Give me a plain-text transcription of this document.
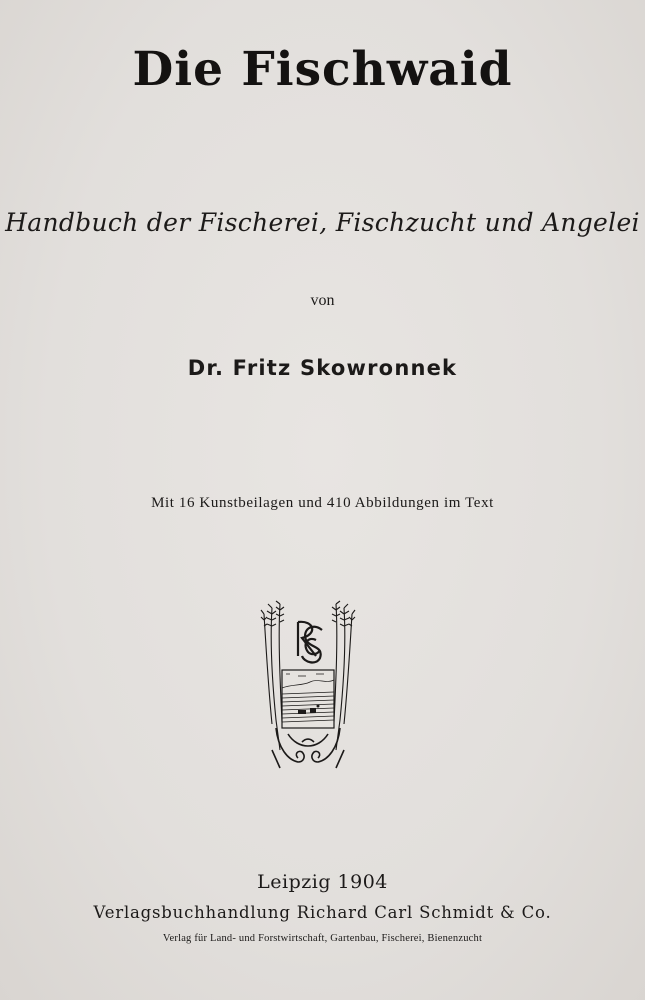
Die Fischwaid
Handbuch der Fischerei, Fischzucht und Angelei
von
Dr. Fritz Skowronnek
Mit 16 Kunstbeilagen und 410 Abbildungen im Text
Leipzig 1904
Verlagsbuchhandlung Richard Carl Schmidt & Co.
Verlag für Land- und Forstwirtschaft, Gartenbau, Fischerei, Bienenzucht
